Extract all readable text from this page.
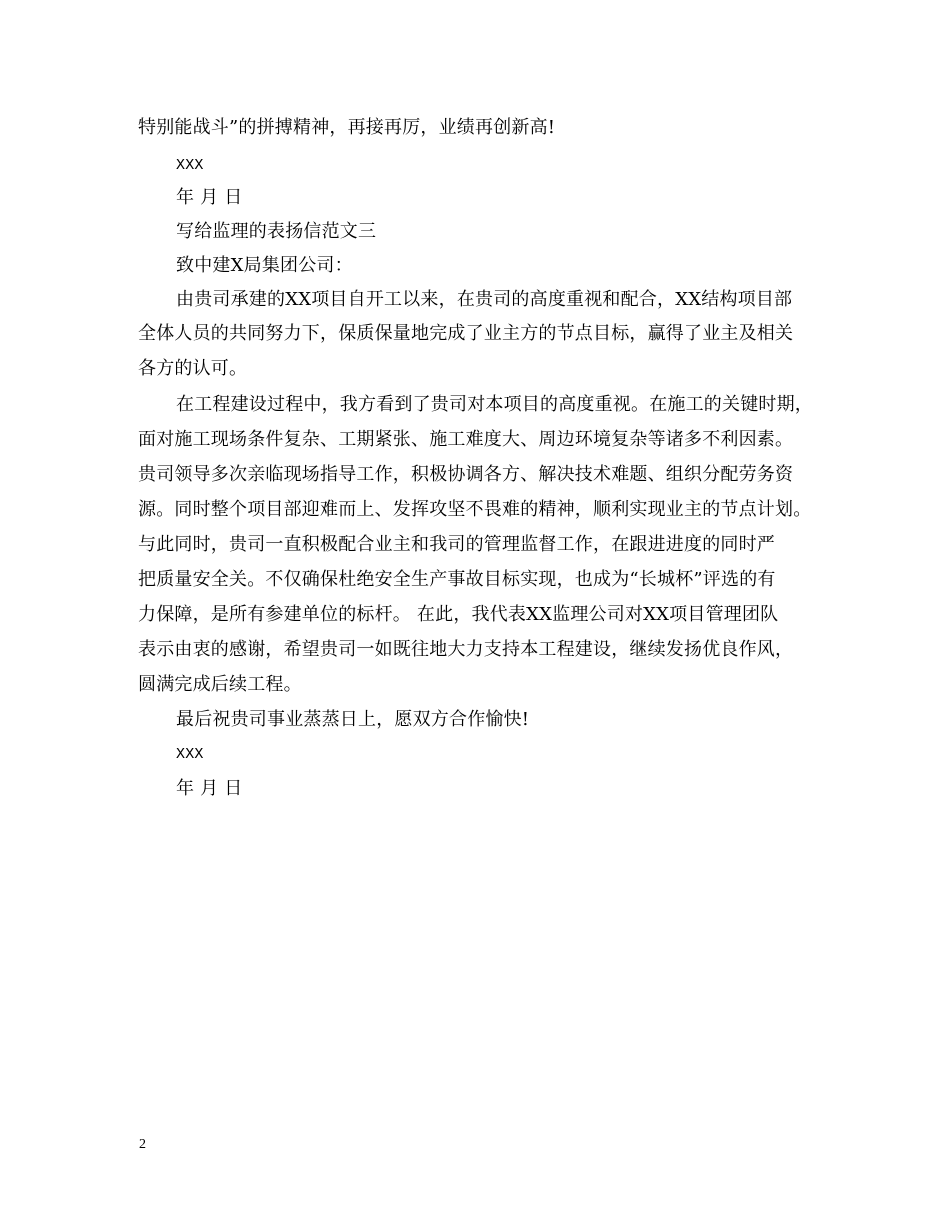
特别能战斗”的拼搏精神，再接再厉，业绩再创新高!
XXX
年 月 日
写给监理的表扬信范文三
致中建Ⅹ局集团公司：
由贵司承建的XX项目自开工以来，在贵司的高度重视和配合，XX结构项目部
全体人员的共同努力下，保质保量地完成了业主方的节点目标，赢得了业主及相关
各方的认可。
在工程建设过程中，我方看到了贵司对本项目的高度重视。在施工的关键时期，
面对施工现场条件复杂、工期紧张、施工难度大、周边环境复杂等诸多不利因素。
贵司领导多次亲临现场指导工作，积极协调各方、解决技术难题、组织分配劳务资
源。同时整个项目部迎难而上、发挥攻坚不畏难的精神，顺利实现业主的节点计划。
与此同时，贵司一直积极配合业主和我司的管理监督工作，在跟进进度的同时严
把质量安全关。不仅确保杜绝安全生产事故目标实现，也成为“长城杯”评选的有
力保障，是所有参建单位的标杆。 在此，我代表XX监理公司对XX项目管理团队
表示由衷的感谢，希望贵司一如既往地大力支持本工程建设，继续发扬优良作风，
圆满完成后续工程。
最后祝贵司事业蒸蒸日上，愿双方合作愉快!
XXX
年 月 日
2
